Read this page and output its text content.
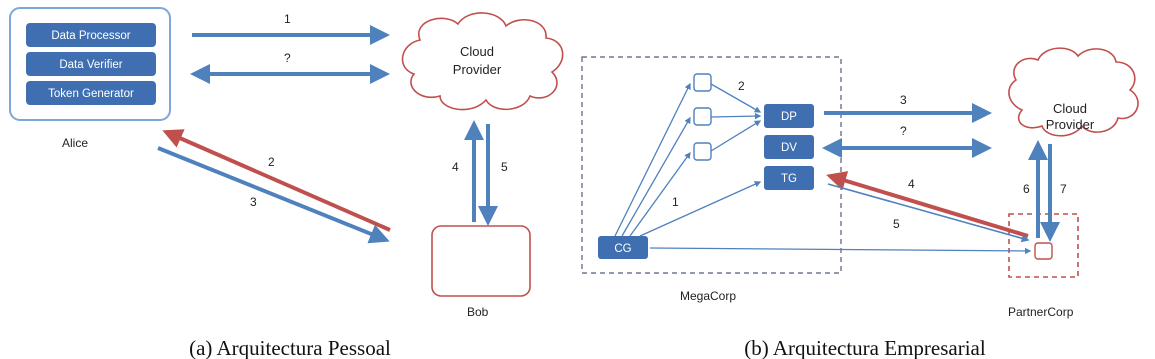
Data Processor
Data Verifier
Token Generator
Alice
Cloud
Provider
Bob
1
?
2
3
4	5
(a) Arquitectura Pessoal
MegaCorp
CG
DP
DV
TG
1
2
Cloud
Provider
3
?
PartnerCorp
4
5
6	7
(b) Arquitectura Empresarial
